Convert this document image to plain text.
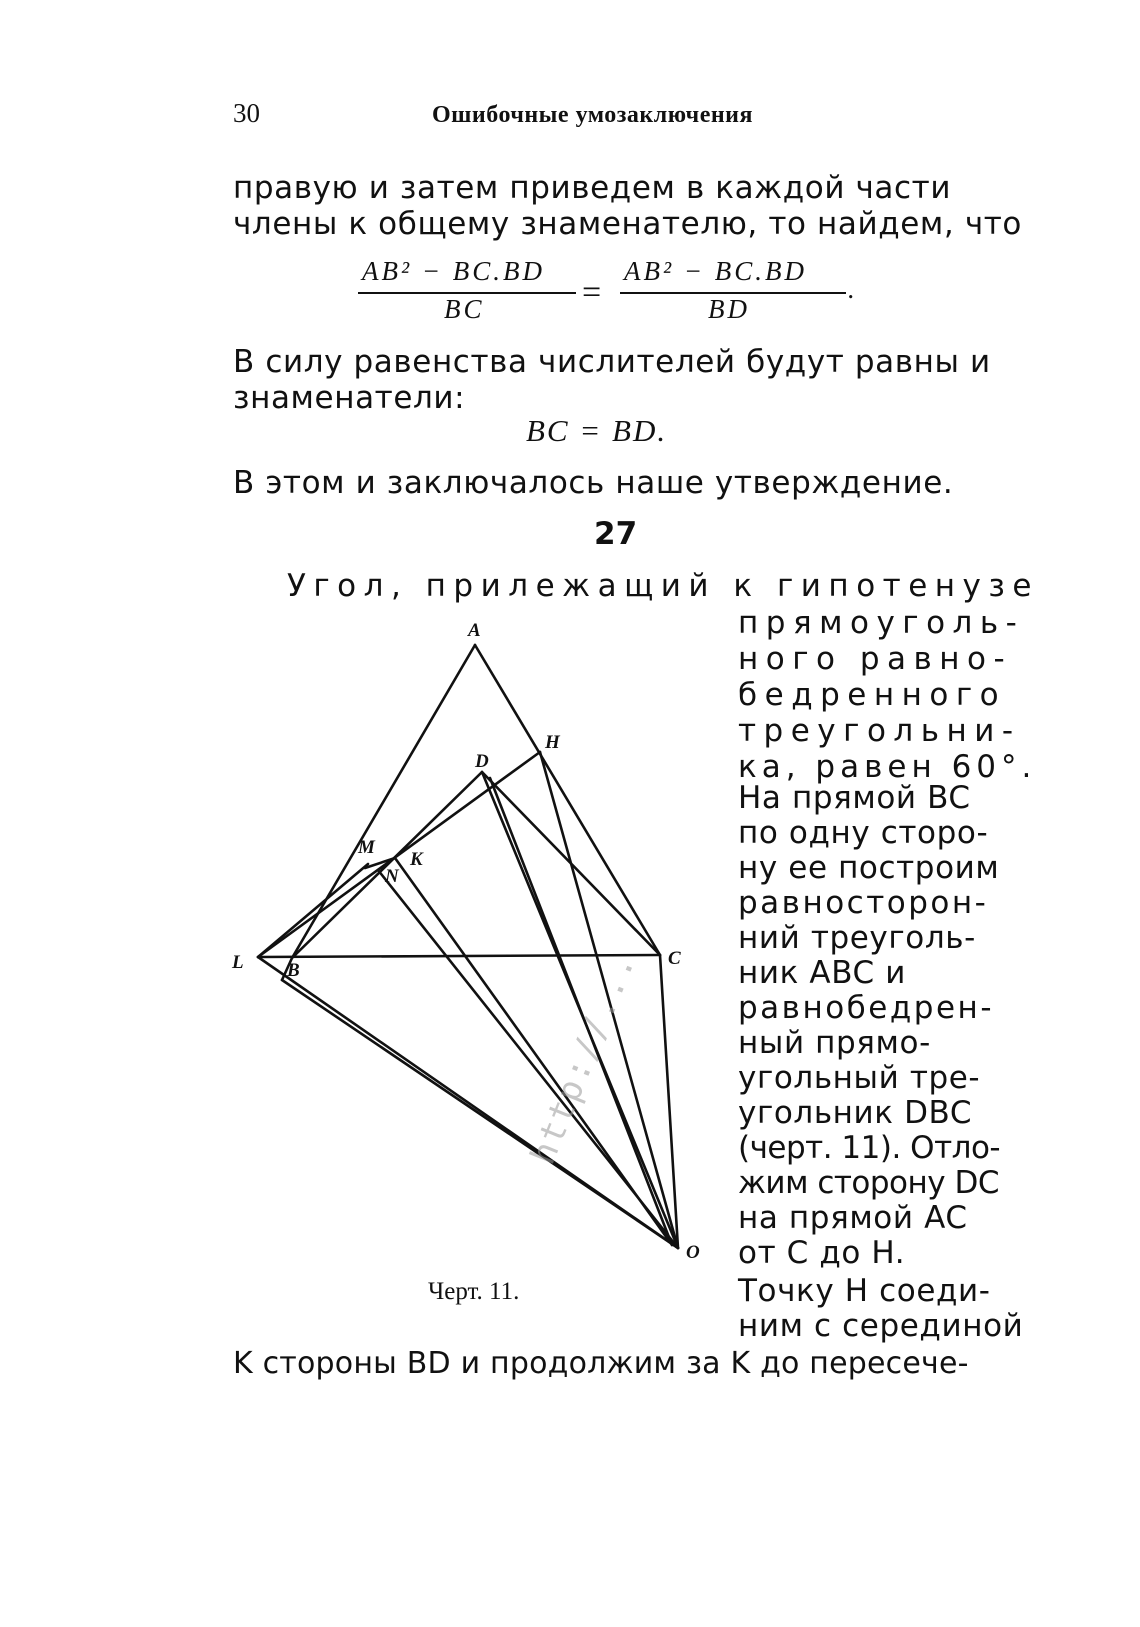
30	Ошибочные умозаключения
правую и затем приведем в каждой части
члены к общему знаменателю, то найдем, что
AB² − BC.BD
BC	=
AB² − BC.BD
BD
.
В силу равенства числителей будут равны и
знаменатели:
BC = BD.
В этом и заключалось наше утверждение.
27
Угол, прилежащий к гипотенузе
прямоуголь-
ного равно-
бедренного
треугольни-
ка, равен 60°.
На прямой BC
по одну сторо-
ну ее построим
равносторон-
ний треуголь-
ник ABC и
равнобедрен-
ный прямо-
угольный тре-
угольник DBC
(черт. 11). Отло-
жим сторону DC
на прямой AC
от C до H.
Точку H соеди-
ним с серединой
K стороны BD и продолжим за K до пересече-
Черт. 11.
A
H
D
M
K
N
L B
C
O
http://...
